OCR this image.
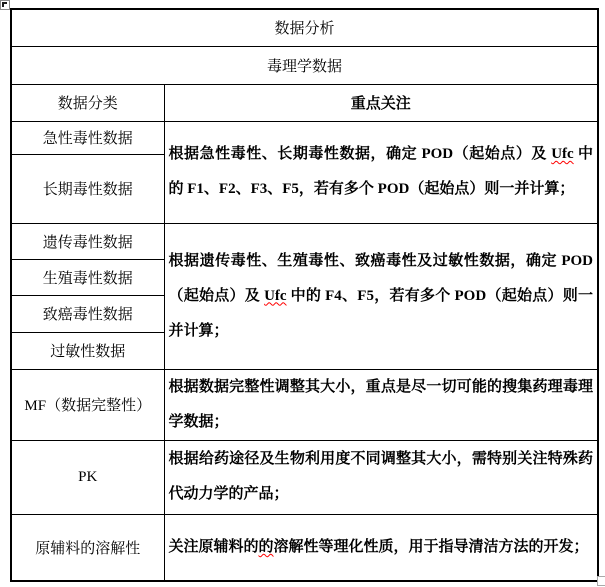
数据分析	
毒理学数据	
数据分类	重点关注
急性毒性数据	根据急性毒性、长期毒性数据，确定 POD（起始点）及 Ufc 中的 F1、F2、F3、F5，若有多个 POD（起始点）则一并计算；
长期毒性数据	
遗传毒性数据	根据遗传毒性、生殖毒性、致癌毒性及过敏性数据，确定 POD（起始点）及 Ufc 中的 F4、F5，若有多个 POD（起始点）则一并计算；
生殖毒性数据	
致癌毒性数据	
过敏性数据	
MF（数据完整性）	根据数据完整性调整其大小，重点是尽一切可能的搜集药理毒理学数据；
PK	根据给药途径及生物利用度不同调整其大小，需特别关注特殊药代动力学的产品；
原辅料的溶解性	关注原辅料的的溶解性等理化性质，用于指导清洁方法的开发；
